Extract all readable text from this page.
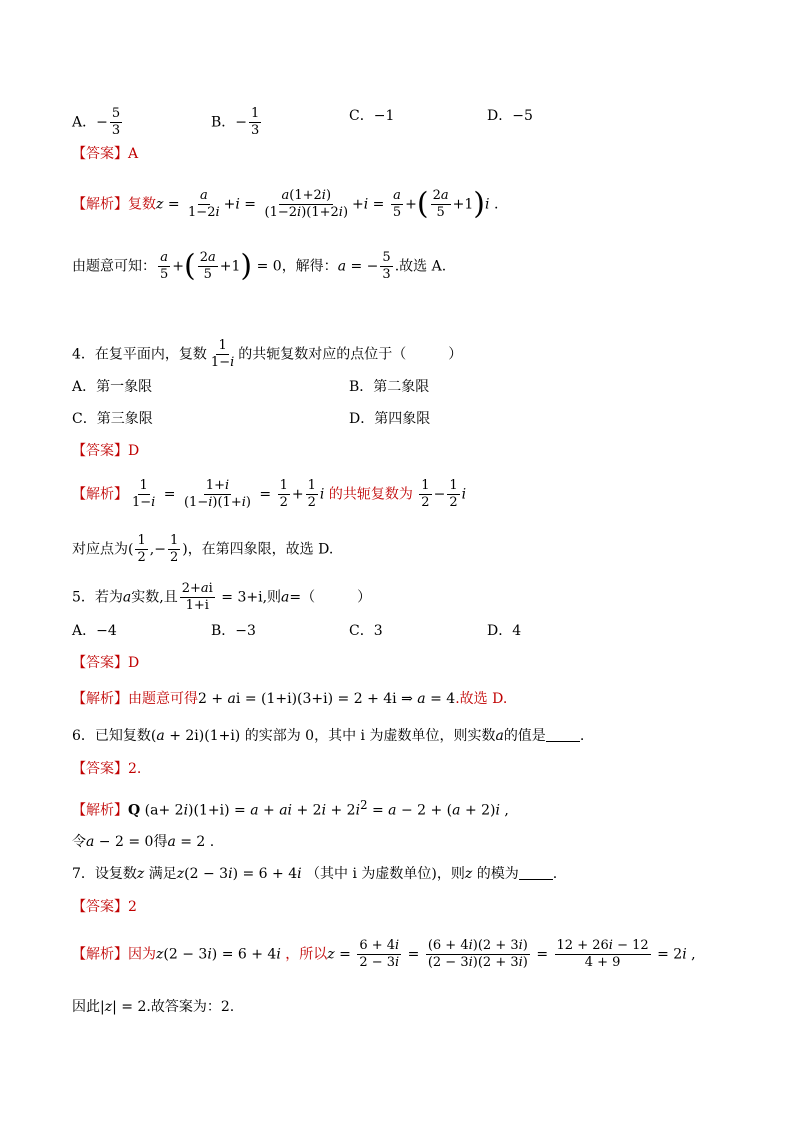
A．− $\frac{5}{3}$	B．− $\frac{1}{3}$	C．−1	D．−5
【答案】A
【解析】复数$z = \frac{a}{1-2i} +i = \frac{a(1+2i)}{(1-2i)(1+2i)} +i = \frac{a}{5}$ +( $\frac{2a}{5} +1)i$ .
由题意可知： $\frac{a}{5}$ +( $\frac{2a}{5} +1) = 0$，解得：a = − $\frac{5}{3}$ .故选 A.
4．在复平面内，复数 $\frac{1}{1-i}$ 的共轭复数对应的点位于（　　　）
A．第一象限	B．第二象限
C．第三象限	D．第四象限
【答案】D
【解析】 $\frac{1}{1-i} = \frac{1+i}{(1-i)(1+i)} = \frac{1}{2} + \frac{1}{2}$ i 的共轭复数为 $\frac{1}{2} - \frac{1}{2}$ i
对应点为( $\frac{1}{2}$ ,− $\frac{1}{2}$ )，在第四象限，故选 D.
5．若为a实数,且 $\frac{2+ai}{1+i} = 3+i$,则a=（　　　）
A．−4	B．−3	C．3	D．4
【答案】D
【解析】由题意可得2 + ai = (1+i)(3+i) = 2 + 4i ⇒ a = 4.故选 D.
6．已知复数(a + 2i)(1+i) 的实部为 0，其中 i 为虚数单位，则实数a的值是 .
【答案】2.
【解析】Q (a+ 2i)(1+i) = a + ai + $2i + 2i^2 = a - 2 + (a + 2)i$ ,
令a − 2 = 0得a = 2 .
7．设复数z 满足z(2 − 3i) = 6 + 4i （其中 i 为虚数单位)，则z 的模为 .
【答案】2
【解析】因为z(2 − 3i) = 6 + 4i ，所以$z = \frac{6 + 4i}{2 - 3i} = \frac{(6 + 4i)(2 + 3i)}{(2 - 3i)(2 + 3i)} = \frac{12 + 26i - 12}{4 + 9} = 2i$ ,
因此|z| = 2.故答案为：2.
